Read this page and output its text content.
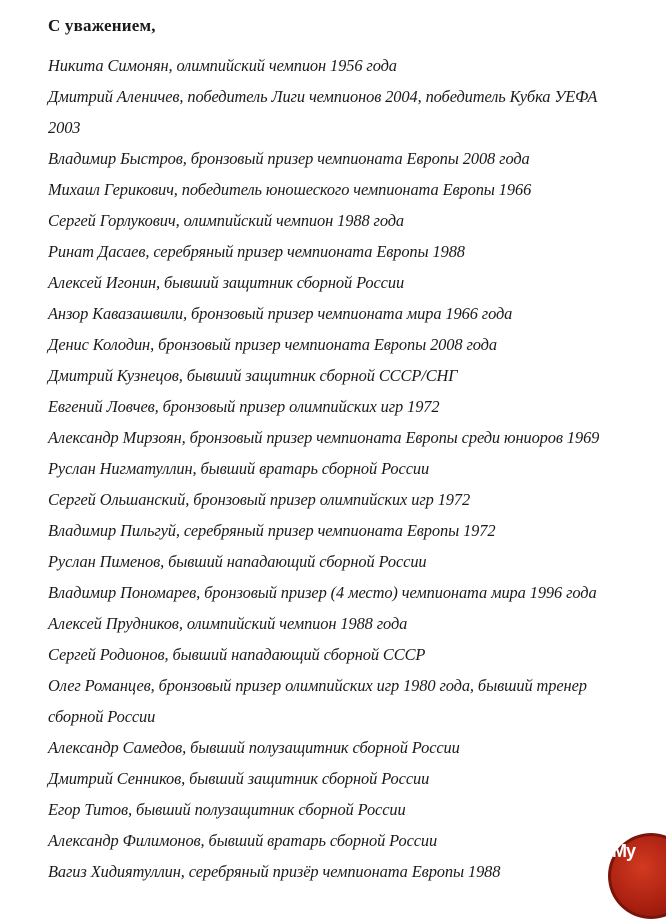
С уважением,
Никита Симонян, олимпийский чемпион 1956 года
Дмитрий Аленичев, победитель Лиги чемпионов 2004, победитель Кубка УЕФА
2003
Владимир Быстров, бронзовый призер чемпионата Европы 2008 года
Михаил Герикович, победитель юношеского чемпионата Европы 1966
Сергей Горлукович, олимпийский чемпион 1988 года
Ринат Дасаев, серебряный призер чемпионата Европы 1988
Алексей Игонин, бывший защитник сборной России
Анзор Кавазашвили, бронзовый призер чемпионата мира 1966 года
Денис Колодин, бронзовый призер чемпионата Европы 2008 года
Дмитрий Кузнецов, бывший защитник сборной СССР/СНГ
Евгений Ловчев, бронзовый призер олимпийских игр 1972
Александр Мирзоян, бронзовый призер чемпионата Европы среди юниоров 1969
Руслан Нигматуллин, бывший вратарь сборной России
Сергей Ольшанский, бронзовый призер олимпийских игр 1972
Владимир Пильгуй, серебряный призер чемпионата Европы 1972
Руслан Пименов, бывший нападающий сборной России
Владимир Пономарев, бронзовый призер (4 место) чемпионата мира 1996 года
Алексей Прудников, олимпийский чемпион 1988 года
Сергей Родионов, бывший нападающий сборной СССР
Олег Романцев, бронзовый призер олимпийских игр 1980 года, бывший тренер
сборной России
Александр Самедов, бывший полузащитник сборной России
Дмитрий Сенников, бывший защитник сборной России
Егор Титов, бывший полузащитник сборной России
Александр Филимонов, бывший вратарь сборной России
Вагиз Хидиятуллин, серебряный призёр чемпионата Европы 1988
Му
